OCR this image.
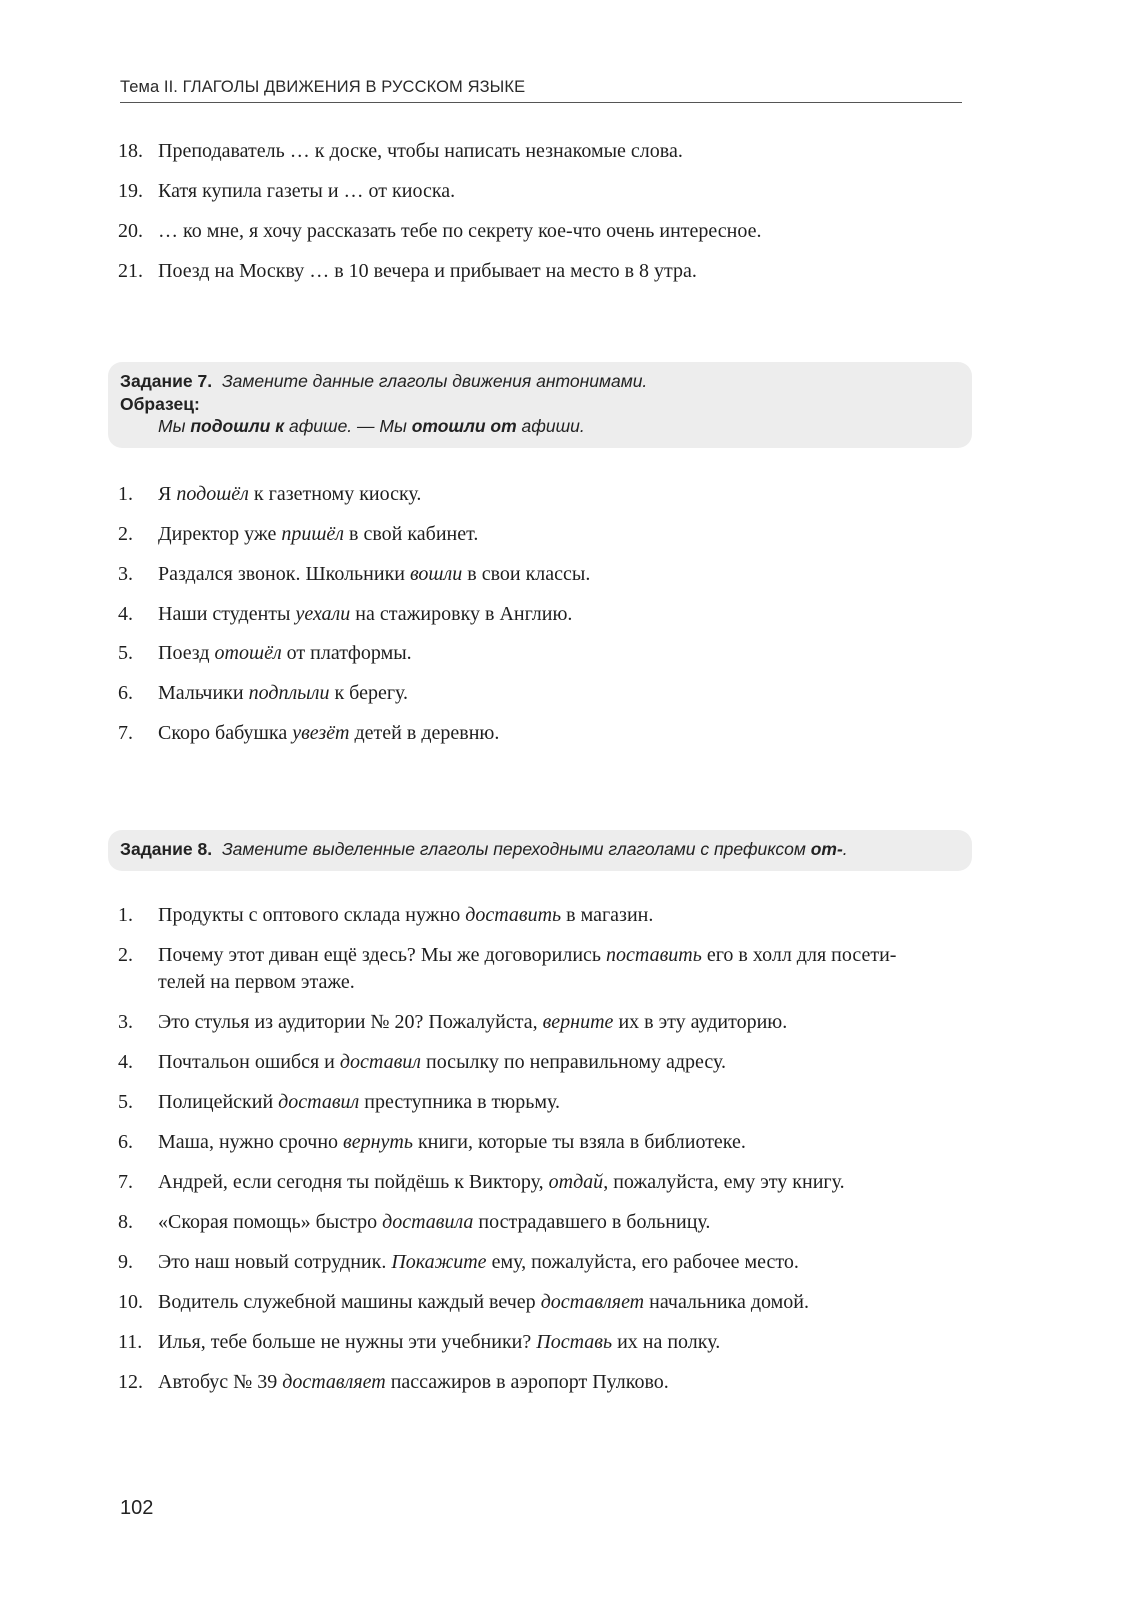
Тема II. ГЛАГОЛЫ ДВИЖЕНИЯ В РУССКОМ ЯЗЫКЕ
18. Преподаватель … к доске, чтобы написать незнакомые слова.
19. Катя купила газеты и … от киоска.
20. … ко мне, я хочу рассказать тебе по секрету кое-что очень интересное.
21. Поезд на Москву … в 10 вечера и прибывает на место в 8 утра.
Задание 7. Замените данные глаголы движения антонимами.
Образец:
Мы подошли к афише. — Мы отошли от афиши.
1.	Я подошёл к газетному киоску.
2.	Директор уже пришёл в свой кабинет.
3.	Раздался звонок. Школьники вошли в свои классы.
4.	Наши студенты уехали на стажировку в Англию.
5.	Поезд отошёл от платформы.
6.	Мальчики подплыли к берегу.
7.	Скоро бабушка увезёт детей в деревню.
Задание 8. Замените выделенные глаголы переходными глаголами с префиксом от-.
1.	Продукты с оптового склада нужно доставить в магазин.
2.	Почему этот диван ещё здесь? Мы же договорились поставить его в холл для посети-
телей на первом этаже.
3.	Это стулья из аудитории № 20? Пожалуйста, верните их в эту аудиторию.
4.	Почтальон ошибся и доставил посылку по неправильному адресу.
5.	Полицейский доставил преступника в тюрьму.
6.	Маша, нужно срочно вернуть книги, которые ты взяла в библиотеке.
7.	Андрей, если сегодня ты пойдёшь к Виктору, отдай, пожалуйста, ему эту книгу.
8.	«Скорая помощь» быстро доставила пострадавшего в больницу.
9.	Это наш новый сотрудник. Покажите ему, пожалуйста, его рабочее место.
10. Водитель служебной машины каждый вечер доставляет начальника домой.
11. Илья, тебе больше не нужны эти учебники? Поставь их на полку.
12. Автобус № 39 доставляет пассажиров в аэропорт Пулково.
102
